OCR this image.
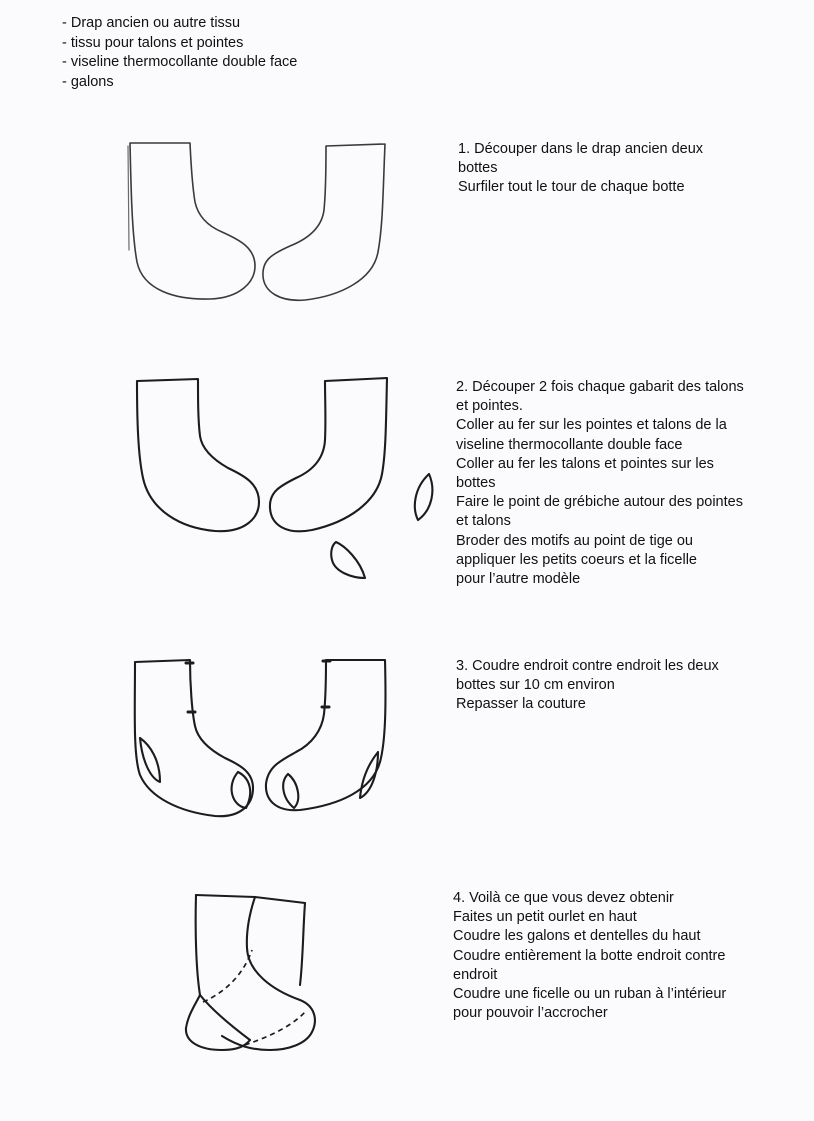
- Drap ancien ou autre tissu
- tissu pour talons et pointes
- viseline thermocollante double face
- galons
1. Découper dans le drap ancien deux
bottes
Surfiler tout le tour de chaque botte
2. Découper 2 fois chaque gabarit des talons
et pointes.
Coller au fer sur les pointes et talons de la
viseline thermocollante double face
Coller au fer les talons et pointes sur les
bottes
Faire le point de grébiche autour des pointes
et talons
Broder des motifs au point de tige ou
appliquer les petits coeurs et la ficelle
pour l’autre modèle
3. Coudre endroit contre endroit les deux
bottes sur 10 cm environ
Repasser la couture
4. Voilà ce que vous devez obtenir
Faites un petit ourlet en haut
Coudre les galons et dentelles du haut
Coudre entièrement la botte endroit contre
endroit
Coudre une ficelle ou un ruban à l’intérieur
pour pouvoir l’accrocher
